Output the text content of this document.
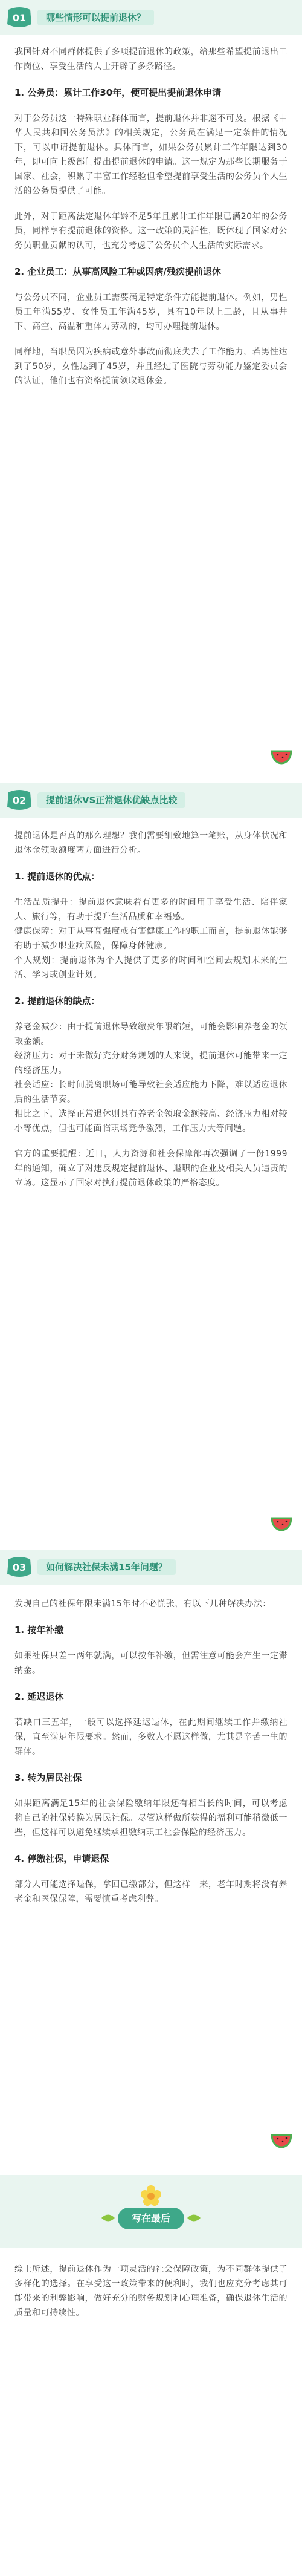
01	哪些情形可以提前退休？

我国针对不同群体提供了多项提前退休的政策，给那些希望提前退出工作岗位、享受生活的人士开辟了多条路径。

1. 公务员：累计工作30年，便可提出提前退休申请

对于公务员这一特殊职业群体而言，提前退休并非遥不可及。根据《中华人民共和国公务员法》的相关规定，公务员在满足一定条件的情况下，可以申请提前退休。具体而言，如果公务员累计工作年限达到30年，即可向上级部门提出提前退休的申请。这一规定为那些长期服务于国家、社会，积累了丰富工作经验但希望提前享受生活的公务员个人生活的公务员提供了可能。

此外，对于距离法定退休年龄不足5年且累计工作年限已满20年的公务员，同样享有提前退休的资格。这一政策的灵活性，既体现了国家对公务员职业贡献的认可，也充分考虑了公务员个人生活的实际需求。

2. 企业员工：从事高风险工种或因病/残疾提前退休

与公务员不同，企业员工需要满足特定条件方能提前退休。例如，男性员工年满55岁、女性员工年满45岁，具有10年以上工龄，且从事井下、高空、高温和重体力劳动的，均可办理提前退休。

同样地，当职员因为疾病或意外事故而彻底失去了工作能力，若男性达到了50岁，女性达到了45岁，并且经过了医院与劳动能力鉴定委员会的认证，他们也有资格提前领取退休金。

02	提前退休VS正常退休优缺点比较

提前退休是否真的那么理想？我们需要细致地算一笔账，从身体状况和退休金领取额度两方面进行分析。

1. 提前退休的优点：

生活品质提升：提前退休意味着有更多的时间用于享受生活、陪伴家人、旅行等，有助于提升生活品质和幸福感。

健康保障：对于从事高强度或有害健康工作的职工而言，提前退休能够有助于减少职业病风险，保障身体健康。

个人规划：提前退休为个人提供了更多的时间和空间去规划未来的生活、学习或创业计划。

2. 提前退休的缺点：

养老金减少：由于提前退休导致缴费年限缩短，可能会影响养老金的领取金额。

经济压力：对于未做好充分财务规划的人来说，提前退休可能带来一定的经济压力。

社会适应：长时间脱离职场可能导致社会适应能力下降，难以适应退休后的生活节奏。

相比之下，选择正常退休则具有养老金领取金额较高、经济压力相对较小等优点，但也可能面临职场竞争激烈，工作压力大等问题。

官方的重要提醒：近日，人力资源和社会保障部再次强调了一份1999年的通知，确立了对违反规定提前退休、退职的企业及相关人员追责的立场。这显示了国家对执行提前退休政策的严格态度。

03	如何解决社保未满15年问题？

发现自己的社保年限未满15年时不必慌张，有以下几种解决办法：

1. 按年补缴

如果社保只差一两年就满，可以按年补缴，但需注意可能会产生一定滞纳金。

2. 延迟退休

若缺口三五年，一般可以选择延迟退休，在此期间继续工作并缴纳社保，直至满足年限要求。然而，多数人不愿这样做，尤其是辛苦一生的群体。

3. 转为居民社保

如果距离满足15年的社会保险缴纳年限还有相当长的时间，可以考虑将自己的社保转换为居民社保。尽管这样做所获得的福利可能稍微低一些，但这样可以避免继续承担缴纳职工社会保险的经济压力。

4. 停缴社保，申请退保

部分人可能选择退保，拿回已缴部分，但这样一来，老年时期将没有养老金和医保保障，需要慎重考虑利弊。

写在最后

综上所述，提前退休作为一项灵活的社会保障政策，为不同群体提供了多样化的选择。在享受这一政策带来的便利时，我们也应充分考虑其可能带来的利弊影响，做好充分的财务规划和心理准备，确保退休生活的质量和可持续性。
